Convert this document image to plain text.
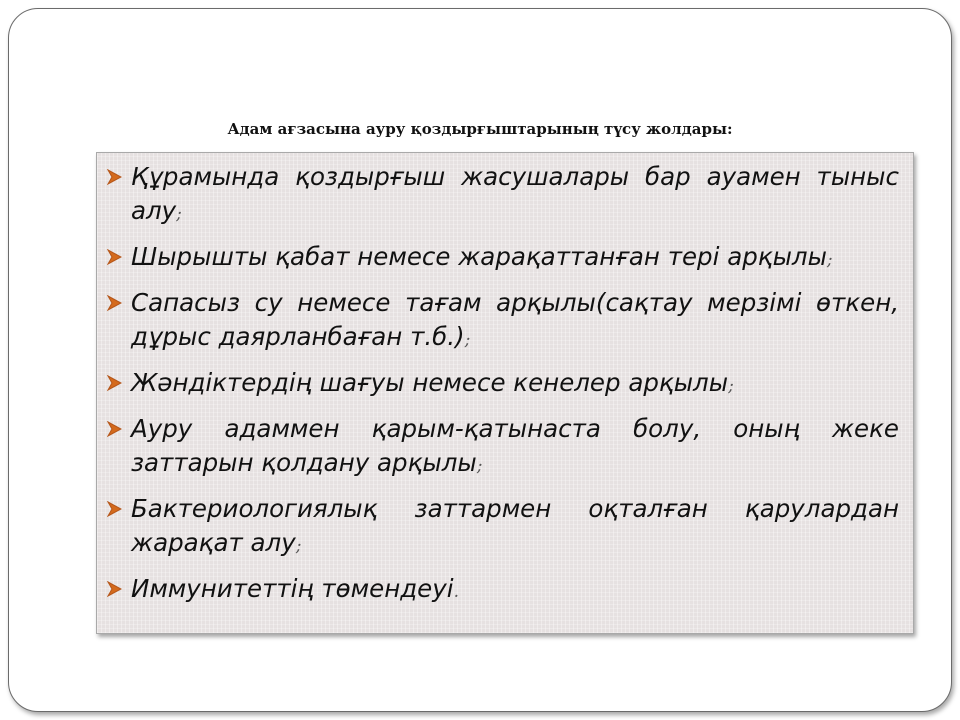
Адам ағзасына ауру қоздырғыштарының түсу жолдары:
Құрамында қоздырғыш жасушалары бар ауамен тыныс алу;
Шырышты қабат немесе жарақаттанған тері арқылы;
Сапасыз су немесе тағам арқылы(сақтау мерзімі өткен, дұрыс даярланбаған т.б.);
Жәндіктердің шағуы немесе кенелер арқылы;
Ауру адаммен қарым-қатынаста болу, оның жеке заттарын қолдану арқылы;
Бактериологиялық заттармен оқталған қарулардан жарақат алу;
Иммунитеттің төмендеуі.
